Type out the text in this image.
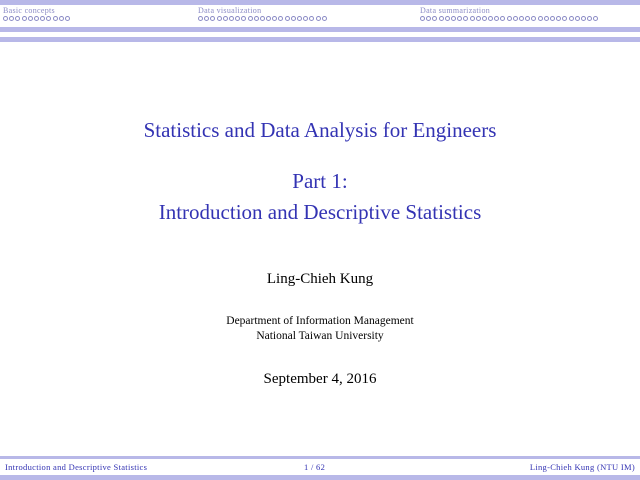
Basic concepts	Data visualization	Data summarization
Statistics and Data Analysis for Engineers
Part 1:
Introduction and Descriptive Statistics
Ling-Chieh Kung
Department of Information Management
National Taiwan University
September 4, 2016
Introduction and Descriptive Statistics	1 / 62	Ling-Chieh Kung (NTU IM)
